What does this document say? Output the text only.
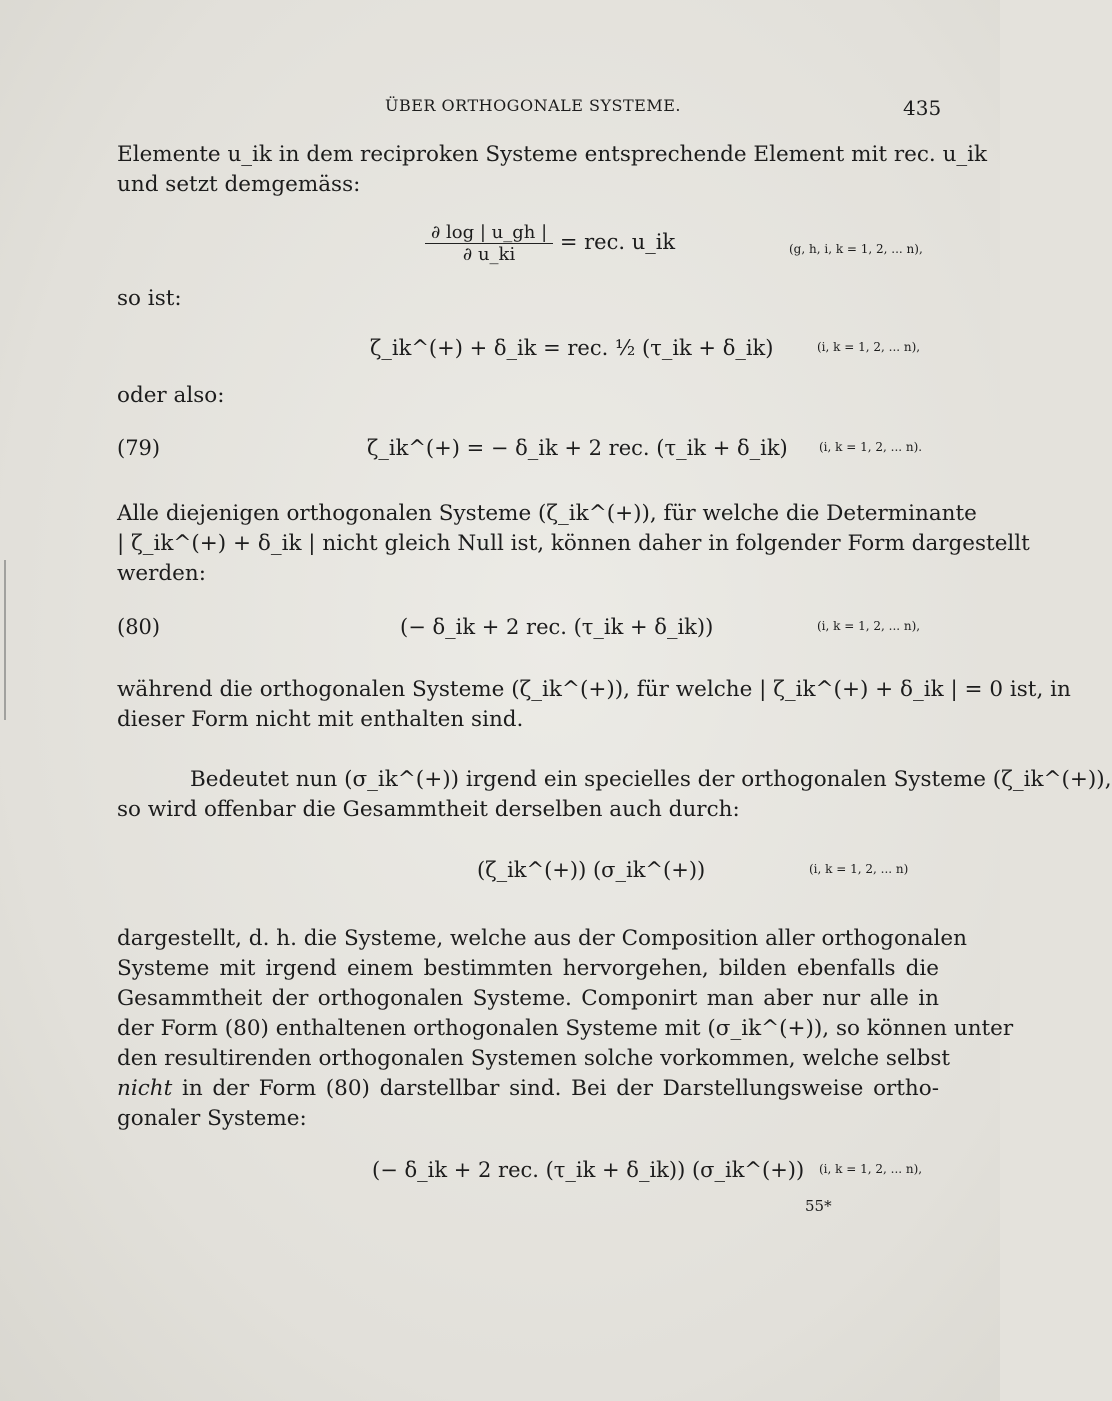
ÜBER ORTHOGONALE SYSTEME.	435
Elemente u_ik in dem reciproken Systeme entsprechende Element mit rec. u_ik
und setzt demgemäss:
$\frac{\partial \log | u\_gh |}{\partial u\_ki}$ = rec. u_ik	(g, h, i, k = 1, 2, ... n),
so ist:
ζ_ik^(+) + δ_ik = rec. ½ (τ_ik + δ_ik)	(i, k = 1, 2, ... n),
oder also:
(79)	ζ_ik^(+) = − δ_ik + 2 rec. (τ_ik + δ_ik)	(i, k = 1, 2, ... n).
Alle diejenigen orthogonalen Systeme (ζ_ik^(+)), für welche die Determinante
| ζ_ik^(+) + δ_ik | nicht gleich Null ist, können daher in folgender Form dargestellt
werden:
(80)	(− δ_ik + 2 rec. (τ_ik + δ_ik))	(i, k = 1, 2, ... n),
während die orthogonalen Systeme (ζ_ik^(+)), für welche | ζ_ik^(+) + δ_ik | = 0 ist, in
dieser Form nicht mit enthalten sind.
Bedeutet nun (σ_ik^(+)) irgend ein specielles der orthogonalen Systeme (ζ_ik^(+)),
so wird offenbar die Gesammtheit derselben auch durch:
(ζ_ik^(+)) (σ_ik^(+))	(i, k = 1, 2, ... n)
dargestellt, d. h. die Systeme, welche aus der Composition aller orthogonalen
Systeme mit irgend einem bestimmten hervorgehen, bilden ebenfalls die
Gesammtheit der orthogonalen Systeme. Componirt man aber nur alle in
der Form (80) enthaltenen orthogonalen Systeme mit (σ_ik^(+)), so können unter
den resultirenden orthogonalen Systemen solche vorkommen, welche selbst
nicht in der Form (80) darstellbar sind. Bei der Darstellungsweise ortho-
gonaler Systeme:
(− δ_ik + 2 rec. (τ_ik + δ_ik)) (σ_ik^(+)) (i, k = 1, 2, ... n),
55*
